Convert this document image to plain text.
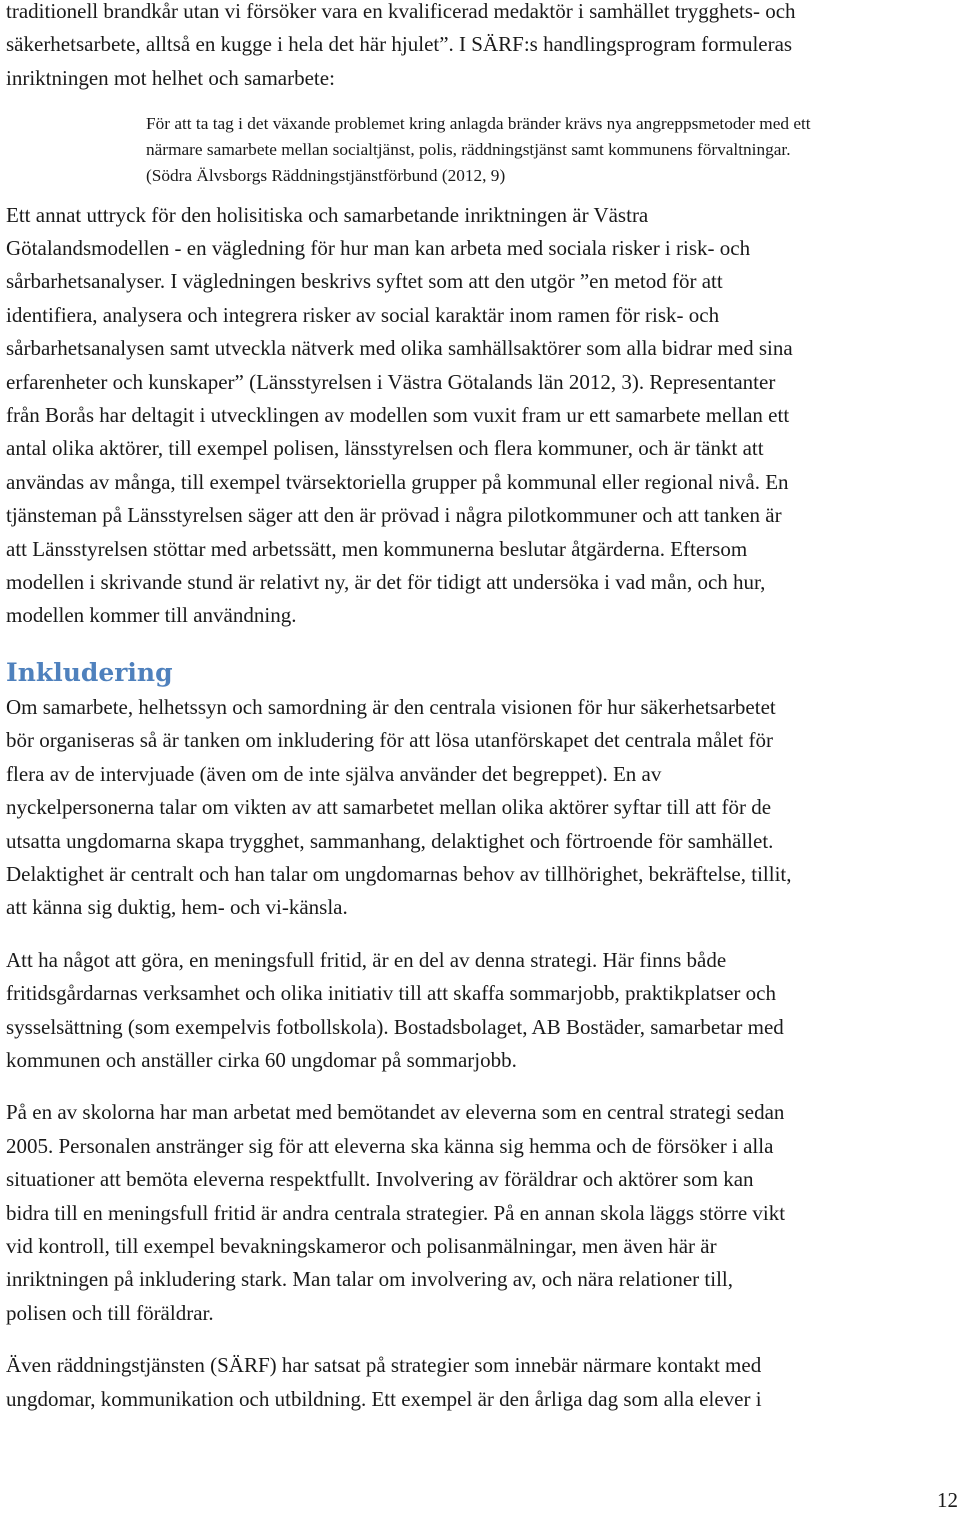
traditionell brandkår utan vi försöker vara en kvalificerad medaktör i samhället trygghets- och
säkerhetsarbete, alltså en kugge i hela det här hjulet”. I SÄRF:s handlingsprogram formuleras
inriktningen mot helhet och samarbete:
För att ta tag i det växande problemet kring anlagda bränder krävs nya angreppsmetoder med ett
närmare samarbete mellan socialtjänst, polis, räddningstjänst samt kommunens förvaltningar.
(Södra Älvsborgs Räddningstjänstförbund (2012, 9)
Ett annat uttryck för den holisitiska och samarbetande inriktningen är Västra
Götalandsmodellen - en vägledning för hur man kan arbeta med sociala risker i risk- och
sårbarhetsanalyser. I vägledningen beskrivs syftet som att den utgör ”en metod för att
identifiera, analysera och integrera risker av social karaktär inom ramen för risk- och
sårbarhetsanalysen samt utveckla nätverk med olika samhällsaktörer som alla bidrar med sina
erfarenheter och kunskaper” (Länsstyrelsen i Västra Götalands län 2012, 3). Representanter
från Borås har deltagit i utvecklingen av modellen som vuxit fram ur ett samarbete mellan ett
antal olika aktörer, till exempel polisen, länsstyrelsen och flera kommuner, och är tänkt att
användas av många, till exempel tvärsektoriella grupper på kommunal eller regional nivå. En
tjänsteman på Länsstyrelsen säger att den är prövad i några pilotkommuner och att tanken är
att Länsstyrelsen stöttar med arbetssätt, men kommunerna beslutar åtgärderna. Eftersom
modellen i skrivande stund är relativt ny, är det för tidigt att undersöka i vad mån, och hur,
modellen kommer till användning.
Inkludering
Om samarbete, helhetssyn och samordning är den centrala visionen för hur säkerhetsarbetet
bör organiseras så är tanken om inkludering för att lösa utanförskapet det centrala målet för
flera av de intervjuade (även om de inte själva använder det begreppet). En av
nyckelpersonerna talar om vikten av att samarbetet mellan olika aktörer syftar till att för de
utsatta ungdomarna skapa trygghet, sammanhang, delaktighet och förtroende för samhället.
Delaktighet är centralt och han talar om ungdomarnas behov av tillhörighet, bekräftelse, tillit,
att känna sig duktig, hem- och vi-känsla.
Att ha något att göra, en meningsfull fritid, är en del av denna strategi. Här finns både
fritidsgårdarnas verksamhet och olika initiativ till att skaffa sommarjobb, praktikplatser och
sysselsättning (som exempelvis fotbollskola). Bostadsbolaget, AB Bostäder, samarbetar med
kommunen och anställer cirka 60 ungdomar på sommarjobb.
På en av skolorna har man arbetat med bemötandet av eleverna som en central strategi sedan
2005. Personalen anstränger sig för att eleverna ska känna sig hemma och de försöker i alla
situationer att bemöta eleverna respektfullt. Involvering av föräldrar och aktörer som kan
bidra till en meningsfull fritid är andra centrala strategier. På en annan skola läggs större vikt
vid kontroll, till exempel bevakningskameror och polisanmälningar, men även här är
inriktningen på inkludering stark. Man talar om involvering av, och nära relationer till,
polisen och till föräldrar.
Även räddningstjänsten (SÄRF) har satsat på strategier som innebär närmare kontakt med
ungdomar, kommunikation och utbildning. Ett exempel är den årliga dag som alla elever i
12
